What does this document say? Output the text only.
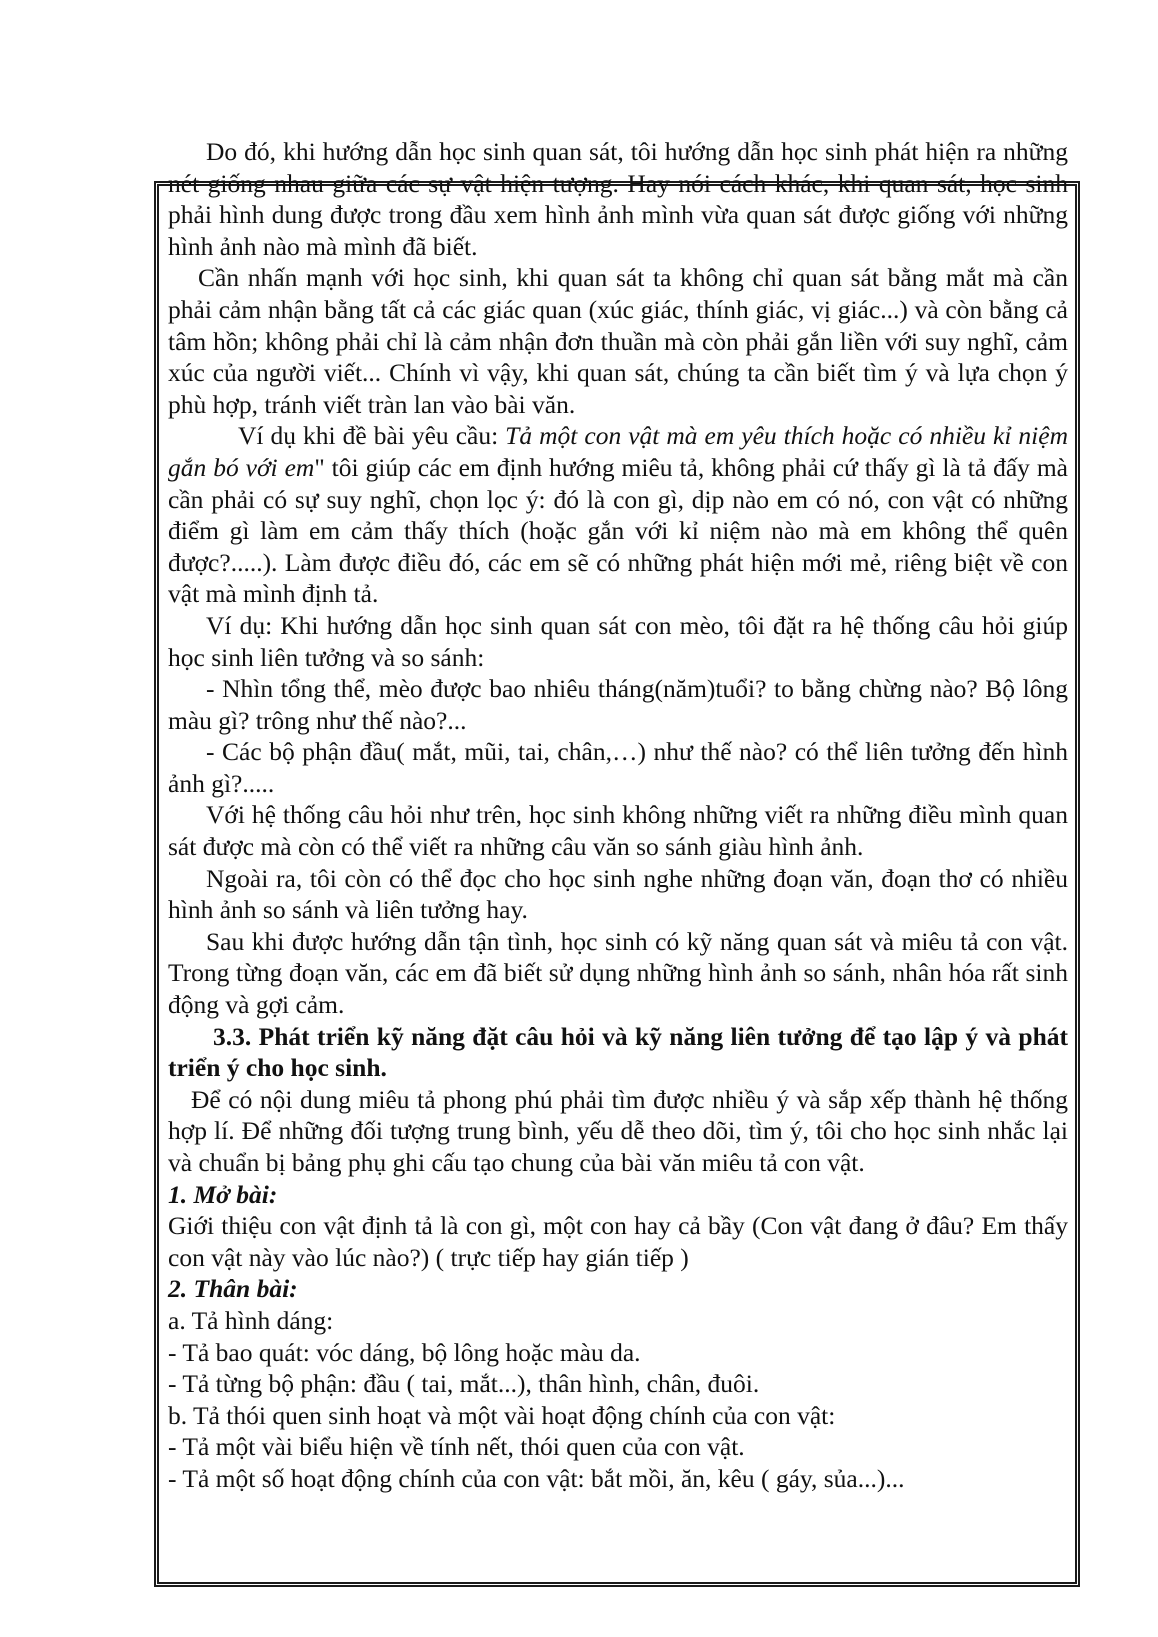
Do đó, khi hướng dẫn học sinh quan sát, tôi hướng dẫn học sinh phát hiện ra những nét giống nhau giữa các sự vật hiện tượng. Hay nói cách khác, khi quan sát, học sinh phải hình dung được trong đầu xem hình ảnh mình vừa quan sát được giống với những hình ảnh nào mà mình đã biết.

Cần nhấn mạnh với học sinh, khi quan sát ta không chỉ quan sát bằng mắt mà cần phải cảm nhận bằng tất cả các giác quan (xúc giác, thính giác, vị giác...) và còn bằng cả tâm hồn; không phải chỉ là cảm nhận đơn thuần mà còn phải gắn liền với suy nghĩ, cảm xúc của người viết... Chính vì vậy, khi quan sát, chúng ta cần biết tìm ý và lựa chọn ý phù hợp, tránh viết tràn lan vào bài văn.

Ví dụ khi đề bài yêu cầu: Tả một con vật mà em yêu thích hoặc có nhiều kỉ niệm gắn bó với em" tôi giúp các em định hướng miêu tả, không phải cứ thấy gì là tả đấy mà cần phải có sự suy nghĩ, chọn lọc ý: đó là con gì, dịp nào em có nó, con vật có những điểm gì làm em cảm thấy thích (hoặc gắn với kỉ niệm nào mà em không thể quên được?.....). Làm được điều đó, các em sẽ có những phát hiện mới mẻ, riêng biệt về con vật mà mình định tả.

Ví dụ: Khi hướng dẫn học sinh quan sát con mèo, tôi đặt ra hệ thống câu hỏi giúp học sinh liên tưởng và so sánh:

- Nhìn tổng thể, mèo được bao nhiêu tháng(năm)tuổi? to bằng chừng nào? Bộ lông màu gì? trông như thế nào?...

- Các bộ phận đầu( mắt, mũi, tai, chân,…) như thế nào? có thể liên tưởng đến hình ảnh gì?.....

Với hệ thống câu hỏi như trên, học sinh không những viết ra những điều mình quan sát được mà còn có thể viết ra những câu văn so sánh giàu hình ảnh.

Ngoài ra, tôi còn có thể đọc cho học sinh nghe những đoạn văn, đoạn thơ có nhiều hình ảnh so sánh và liên tưởng hay.

Sau khi được hướng dẫn tận tình, học sinh có kỹ năng quan sát và miêu tả con vật. Trong từng đoạn văn, các em đã biết sử dụng những hình ảnh so sánh, nhân hóa rất sinh động và gợi cảm.

3.3. Phát triển kỹ năng đặt câu hỏi và kỹ năng liên tưởng để tạo lập ý và phát triển ý cho học sinh.

Để có nội dung miêu tả phong phú phải tìm được nhiều ý và sắp xếp thành hệ thống hợp lí. Để những đối tượng trung bình, yếu dễ theo dõi, tìm ý, tôi cho học sinh nhắc lại và chuẩn bị bảng phụ ghi cấu tạo chung của bài văn miêu tả con vật.

1. Mở bài:

Giới thiệu con vật định tả là con gì, một con hay cả bầy (Con vật đang ở đâu? Em thấy con vật này vào lúc nào?) ( trực tiếp hay gián tiếp )

2. Thân bài:

a. Tả hình dáng:

- Tả bao quát: vóc dáng, bộ lông hoặc màu da.

- Tả từng bộ phận: đầu ( tai, mắt...), thân hình, chân, đuôi.

b. Tả thói quen sinh hoạt và một vài hoạt động chính của con vật:

- Tả một vài biểu hiện về tính nết, thói quen của con vật.

- Tả một số hoạt động chính của con vật: bắt mồi, ăn, kêu ( gáy, sủa...)...
